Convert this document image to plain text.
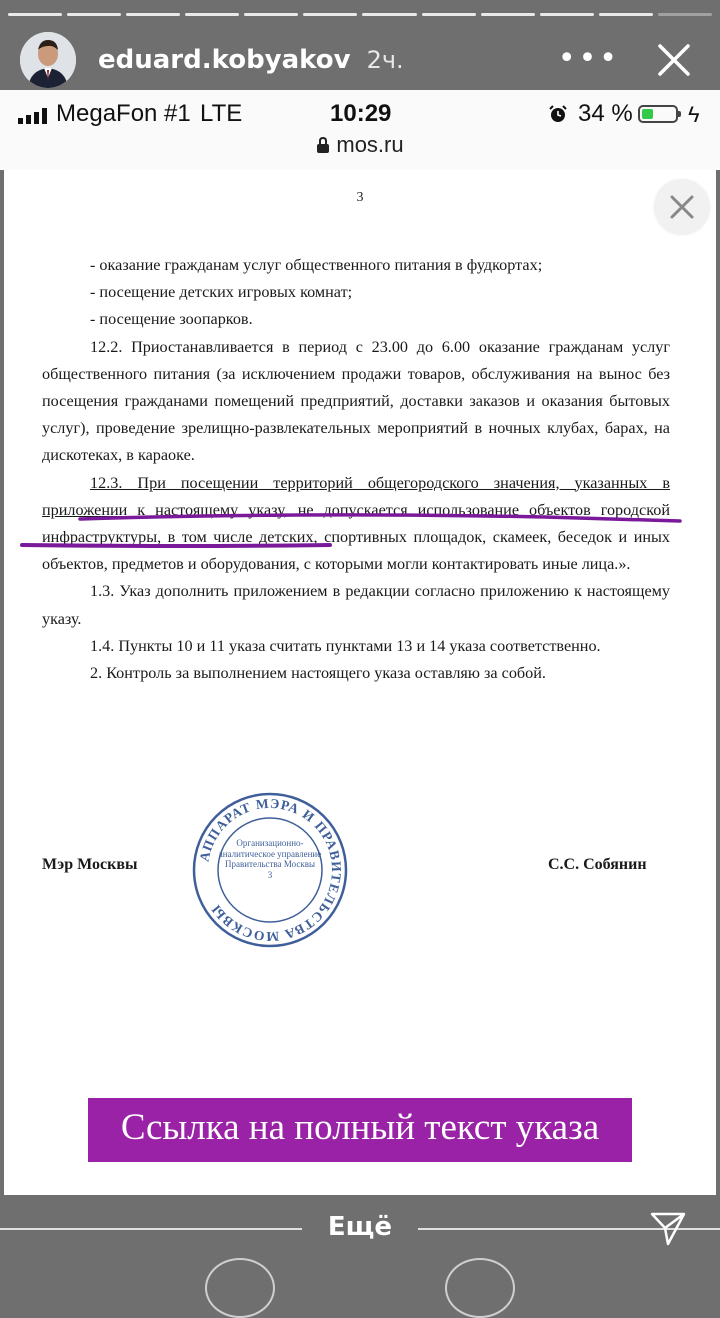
eduard.kobyakov 2ч.	•••
MegaFon #1 LTE	10:29	34 %	ϟ
mos.ru
3

- оказание гражданам услуг общественного питания в фудкортах;

- посещение детских игровых комнат;

- посещение зоопарков.

12.2. Приостанавливается в период с 23.00 до 6.00 оказание гражданам услуг общественного питания (за исключением продажи товаров, обслуживания на вынос без посещения гражданами помещений предприятий, доставки заказов и оказания бытовых услуг), проведение зрелищно-развлекательных мероприятий в ночных клубах, барах, на дискотеках, в караоке.

12.3. При посещении территорий общегородского значения, указанных в приложении к настоящему указу, не допускается использование объектов городской инфраструктуры, в том числе детских, спортивных площадок, скамеек, беседок и иных объектов, предметов и оборудования, с которыми могли контактировать иные лица.».

1.3. Указ дополнить приложением в редакции согласно приложению к настоящему указу.

1.4. Пункты 10 и 11 указа считать пунктами 13 и 14 указа соответственно.

2. Контроль за выполнением настоящего указа оставляю за собой.

Мэр Москвы	С.С. Собянин
АППАРАТ МЭРА И ПРАВИТЕЛЬСТВА МОСКВЫ
Организационно-аналитическое управление Правительства Москвы
3
Ссылка на полный текст указа
Ещё
